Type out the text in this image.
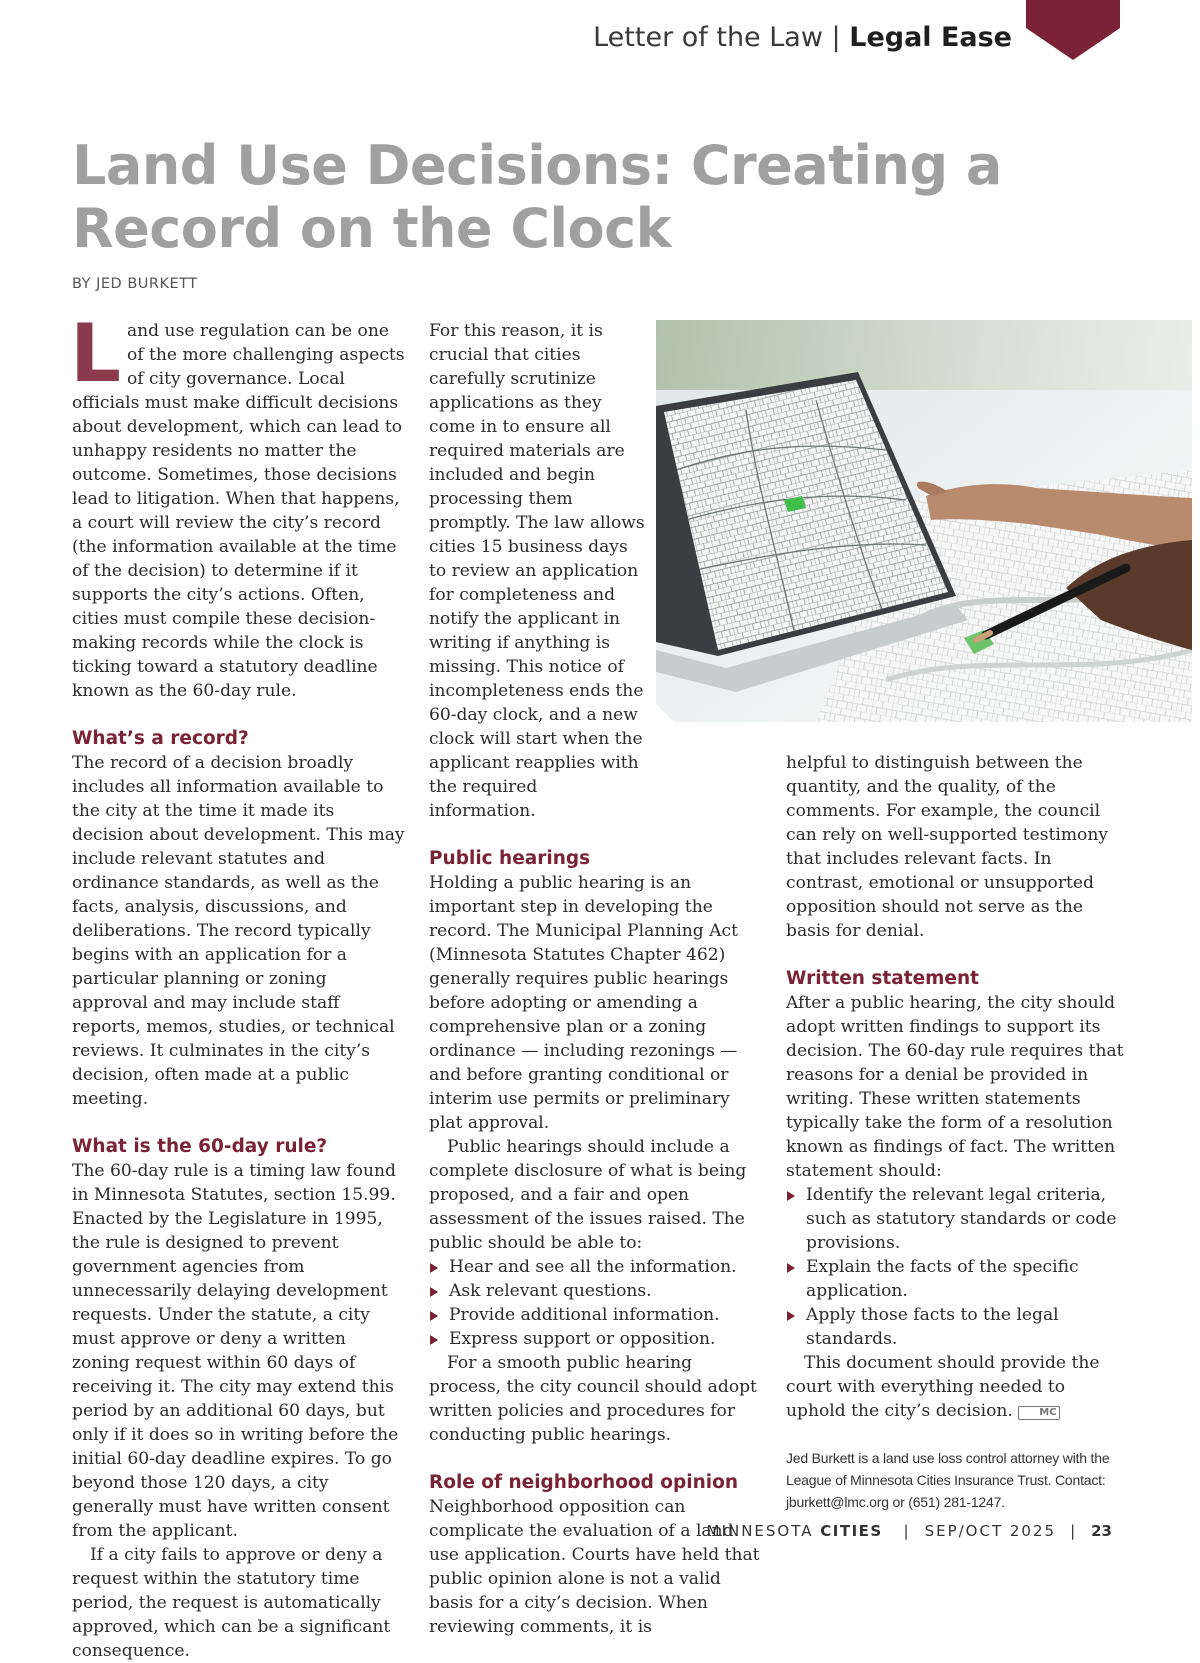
Letter of the Law | Legal Ease
Land Use Decisions: Creating a Record on the Clock
BY JED BURKETT

Land use regulation can be one of the more challenging aspects of city governance. Local officials must make difficult decisions about development, which can lead to unhappy residents no matter the outcome. Sometimes, those decisions lead to litigation. When that happens, a court will review the city’s record (the information available at the time of the decision) to determine if it supports the city’s actions. Often, cities must compile these decision-making records while the clock is ticking toward a statutory deadline known as the 60-day rule.

What’s a record?

The record of a decision broadly includes all information available to the city at the time it made its decision about development. This may include relevant statutes and ordinance standards, as well as the facts, analysis, discussions, and deliberations. The record typically begins with an application for a particular planning or zoning approval and may include staff reports, memos, studies, or technical reviews. It culminates in the city’s decision, often made at a public meeting.

What is the 60-day rule?

The 60-day rule is a timing law found in Minnesota Statutes, section 15.99. Enacted by the Legislature in 1995, the rule is designed to prevent government agencies from unnecessarily delaying development requests. Under the statute, a city must approve or deny a written zoning request within 60 days of receiving it. The city may extend this period by an additional 60 days, but only if it does so in writing before the initial 60-day deadline expires. To go beyond those 120 days, a city generally must have written consent from the applicant.

If a city fails to approve or deny a request within the statutory time period, the request is automatically approved, which can be a significant consequence.

For this reason, it is crucial that cities carefully scrutinize applications as they come in to ensure all required materials are included and begin processing them promptly. The law allows cities 15 business days to review an application for completeness and notify the applicant in writing if anything is missing. This notice of incompleteness ends the 60-day clock, and a new clock will start when the applicant reapplies with the required information.

Public hearings

Holding a public hearing is an important step in developing the record. The Municipal Planning Act (Minnesota Statutes Chapter 462) generally requires public hearings before adopting or amending a comprehensive plan or a zoning ordinance — including rezonings — and before granting conditional or interim use permits or preliminary plat approval.

Public hearings should include a complete disclosure of what is being proposed, and a fair and open assessment of the issues raised. The public should be able to:

Hear and see all the information.
Ask relevant questions.
Provide additional information.
Express support or opposition.

For a smooth public hearing process, the city council should adopt written policies and procedures for conducting public hearings.

Role of neighborhood opinion

Neighborhood opposition can complicate the evaluation of a land use application. Courts have held that public opinion alone is not a valid basis for a city’s decision. When reviewing comments, it is

helpful to distinguish between the quantity, and the quality, of the comments. For example, the council can rely on well-supported testimony that includes relevant facts. In contrast, emotional or unsupported opposition should not serve as the basis for denial.

Written statement

After a public hearing, the city should adopt written findings to support its decision. The 60-day rule requires that reasons for a denial be provided in writing. These written statements typically take the form of a resolution known as findings of fact. The written statement should:

Identify the relevant legal criteria, such as statutory standards or code provisions.
Explain the facts of the specific application.
Apply those facts to the legal standards.

This document should provide the court with everything needed to uphold the city’s decision.	MC

Jed Burkett is a land use loss control attorney with the League of Minnesota Cities Insurance Trust. Contact: jburkett@lmc.org or (651) 281-1247.
MINNESOTA CITIES | SEP/OCT 2025 | 23
